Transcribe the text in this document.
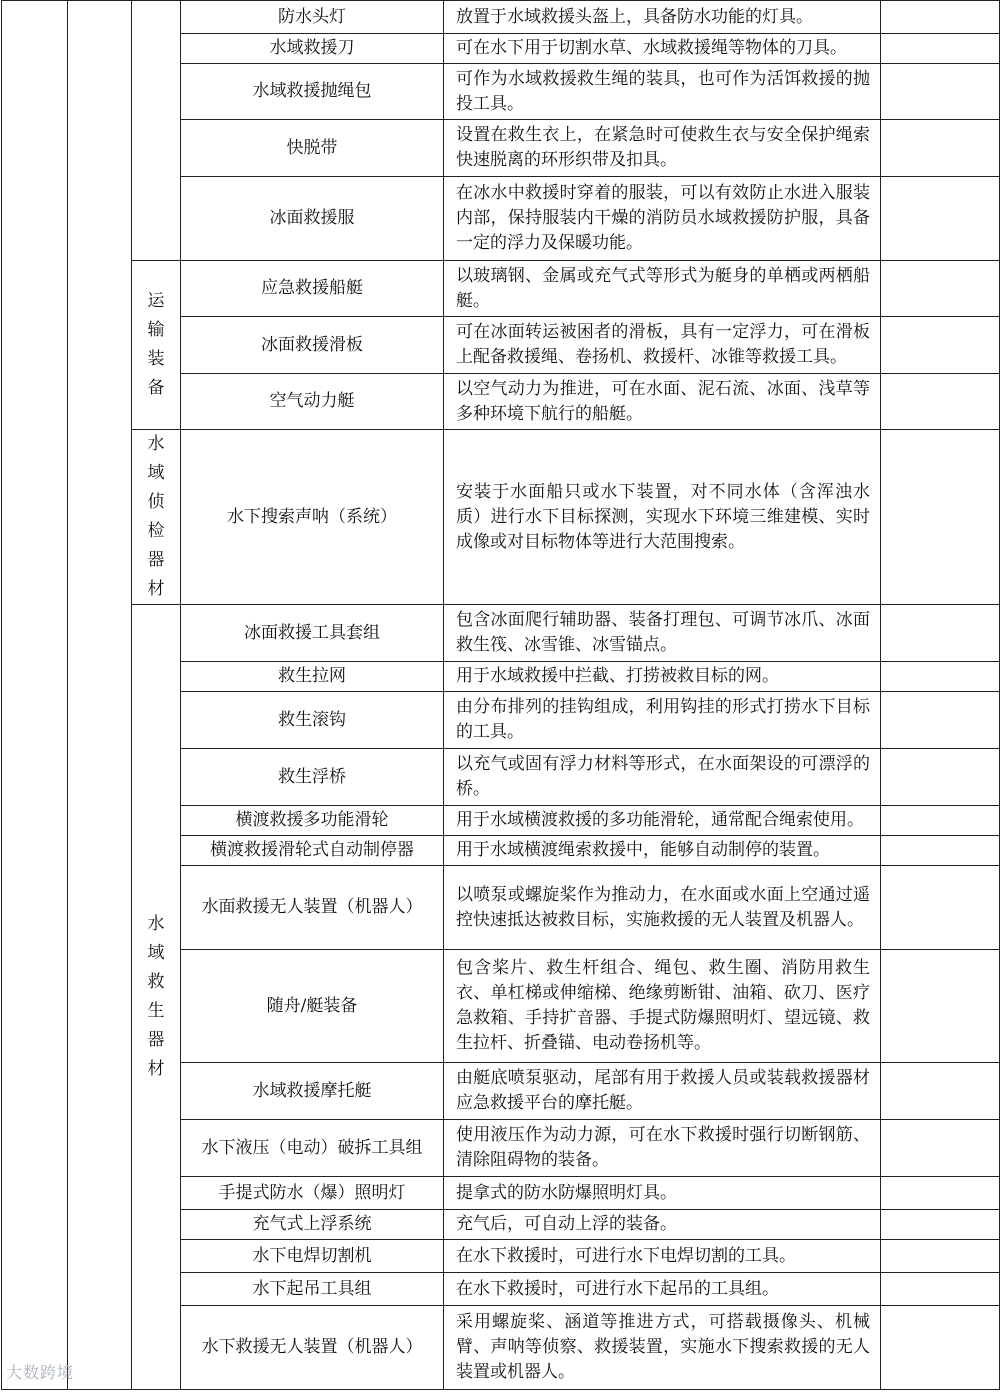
			防水头灯	放置于水域救援头盔上，具备防水功能的灯具。	
			水域救援刀	可在水下用于切割水草、水域救援绳等物体的刀具。	
			水域救援抛绳包	可作为水域救援救生绳的装具，也可作为活饵救援的抛投工具。	
			快脱带	设置在救生衣上，在紧急时可使救生衣与安全保护绳索快速脱离的环形织带及扣具。	
			冰面救援服	在冰水中救援时穿着的服装，可以有效防止水进入服装内部，保持服装内干燥的消防员水域救援防护服，具备一定的浮力及保暖功能。	

		运输装备	应急救援船艇	以玻璃钢、金属或充气式等形式为艇身的单栖或两栖船艇。	
			冰面救援滑板	可在冰面转运被困者的滑板，具有一定浮力，可在滑板上配备救援绳、卷扬机、救援杆、冰锥等救援工具。	
			空气动力艇	以空气动力为推进，可在水面、泥石流、冰面、浅草等多种环境下航行的船艇。	

		水域侦检器材	水下搜索声呐（系统）	安装于水面船只或水下装置，对不同水体（含浑浊水质）进行水下目标探测，实现水下环境三维建模、实时成像或对目标物体等进行大范围搜索。	

		水域救生器材	冰面救援工具套组	包含冰面爬行辅助器、装备打理包、可调节冰爪、冰面救生筏、冰雪锥、冰雪锚点。	
			救生拉网	用于水域救援中拦截、打捞被救目标的网。	
			救生滚钩	由分布排列的挂钩组成，利用钩挂的形式打捞水下目标的工具。	
			救生浮桥	以充气或固有浮力材料等形式，在水面架设的可漂浮的桥。	
			横渡救援多功能滑轮	用于水域横渡救援的多功能滑轮，通常配合绳索使用。	
			横渡救援滑轮式自动制停器	用于水域横渡绳索救援中，能够自动制停的装置。	
			水面救援无人装置（机器人）	以喷泵或螺旋桨作为推动力，在水面或水面上空通过遥控快速抵达被救目标，实施救援的无人装置及机器人。	
			随舟/艇装备	包含桨片、救生杆组合、绳包、救生圈、消防用救生衣、单杠梯或伸缩梯、绝缘剪断钳、油箱、砍刀、医疗急救箱、手持扩音器、手提式防爆照明灯、望远镜、救生拉杆、折叠锚、电动卷扬机等。	
			水域救援摩托艇	由艇底喷泵驱动，尾部有用于救援人员或装载救援器材应急救援平台的摩托艇。	
			水下液压（电动）破拆工具组	使用液压作为动力源，可在水下救援时强行切断钢筋、清除阻碍物的装备。	
			手提式防水（爆）照明灯	提拿式的防水防爆照明灯具。	
			充气式上浮系统	充气后，可自动上浮的装备。	
			水下电焊切割机	在水下救援时，可进行水下电焊切割的工具。	
			水下起吊工具组	在水下救援时，可进行水下起吊的工具组。	
			水下救援无人装置（机器人）	采用螺旋桨、涵道等推进方式，可搭载摄像头、机械臂、声呐等侦察、救援装置，实施水下搜索救援的无人装置或机器人。	
大数跨境
